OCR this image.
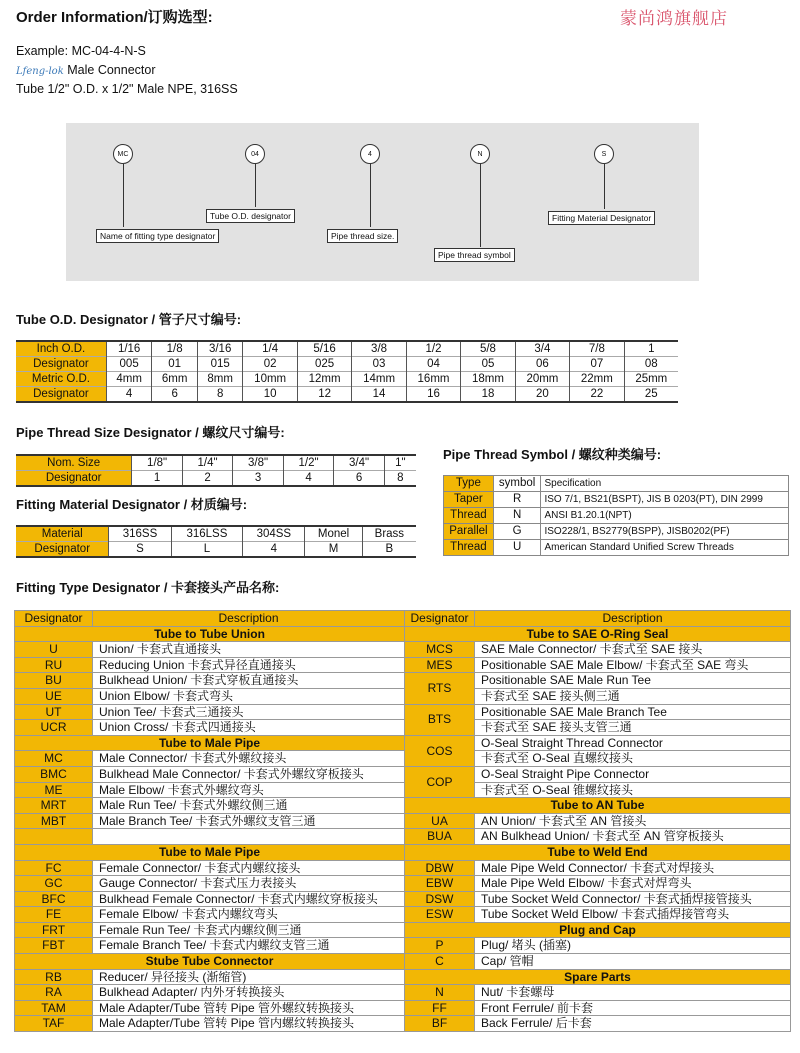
蒙尚鸿旗舰店
Order Information/订购选型:
Example: MC-04-4-N-S
Lfeng-lok Male Connector
Tube 1/2" O.D. x 1/2" Male NPE, 316SS
MC
Name of fitting type designator
04
Tube O.D. designator
4
Pipe thread size.
N
Pipe thread symbol
S
Fitting Material Designator
Tube O.D. Designator / 管子尺寸编号:
Inch O.D.	1/16	1/8	3/16	1/4	5/16	3/8	1/2	5/8	3/4	7/8	1
Designator	005	01	015	02	025	03	04	05	06	07	08
Metric O.D.	4mm	6mm	8mm	10mm	12mm	14mm	16mm	18mm	20mm	22mm	25mm
Designator	4	6	8	10	12	14	16	18	20	22	25
Pipe Thread Size Designator / 螺纹尺寸编号:
Nom. Size	1/8"	1/4"	3/8"	1/2"	3/4"	1"
Designator	1	2	3	4	6	8
Fitting Material Designator / 材质编号:
Material	316SS	316LSS	304SS	Monel	Brass
Designator	S	L	4	M	B
Pipe Thread Symbol / 螺纹种类编号:
Type	symbol	Specification
Taper	R	ISO 7/1, BS21(BSPT), JIS B 0203(PT), DIN 2999
Thread	N	ANSI B1.20.1(NPT)
Parallel	G	ISO228/1, BS2779(BSPP), JISB0202(PF)
Thread	U	American Standard Unified Screw Threads
Fitting Type Designator / 卡套接头产品名称:
Designator	Description	Designator	Description
Tube to Tube Union		Tube to SAE O-Ring Seal	
U	Union/ 卡套式直通接头	MCS	SAE Male Connector/ 卡套式至 SAE 接头
RU	Reducing Union 卡套式异径直通接头	MES	Positionable SAE Male Elbow/ 卡套式至 SAE 弯头
BU	Bulkhead Union/ 卡套式穿板直通接头	RTS	Positionable SAE Male Run Tee
UE	Union Elbow/ 卡套式弯头		卡套式至 SAE 接头侧三通
UT	Union Tee/ 卡套式三通接头	BTS	Positionable SAE Male Branch Tee
UCR	Union Cross/ 卡套式四通接头		卡套式至 SAE 接头支管三通
Tube to Male Pipe		COS	O-Seal Straight Thread Connector
MC	Male Connector/ 卡套式外螺纹接头		卡套式至 O-Seal 直螺纹接头
BMC	Bulkhead Male Connector/ 卡套式外螺纹穿板接头	COP	O-Seal Straight Pipe Connector
ME	Male Elbow/ 卡套式外螺纹弯头		卡套式至 O-Seal 锥螺纹接头
MRT	Male Run Tee/ 卡套式外螺纹侧三通	Tube to AN Tube	
MBT	Male Branch Tee/ 卡套式外螺纹支管三通	UA	AN Union/ 卡套式至 AN 管接头
		BUA	AN Bulkhead Union/ 卡套式至 AN 管穿板接头
Tube to Male Pipe		Tube to Weld End	
FC	Female Connector/ 卡套式内螺纹接头	DBW	Male Pipe Weld Connector/ 卡套式对焊接头
GC	Gauge Connector/ 卡套式压力表接头	EBW	Male Pipe Weld Elbow/ 卡套式对焊弯头
BFC	Bulkhead Female Connector/ 卡套式内螺纹穿板接头	DSW	Tube Socket Weld Connector/ 卡套式插焊接管接头
FE	Female Elbow/ 卡套式内螺纹弯头	ESW	Tube Socket Weld Elbow/ 卡套式插焊接管弯头
FRT	Female Run Tee/ 卡套式内螺纹侧三通	Plug and Cap	
FBT	Female Branch Tee/ 卡套式内螺纹支管三通	P	Plug/ 堵头 (插塞)
Stube Tube Connector		C	Cap/ 管帽
RB	Reducer/ 异径接头 (渐缩管)	Spare Parts	
RA	Bulkhead Adapter/ 内外牙转换接头	N	Nut/ 卡套螺母
TAM	Male Adapter/Tube 管转 Pipe 管外螺纹转换接头	FF	Front Ferrule/ 前卡套
TAF	Male Adapter/Tube 管转 Pipe 管内螺纹转换接头	BF	Back Ferrule/ 后卡套
